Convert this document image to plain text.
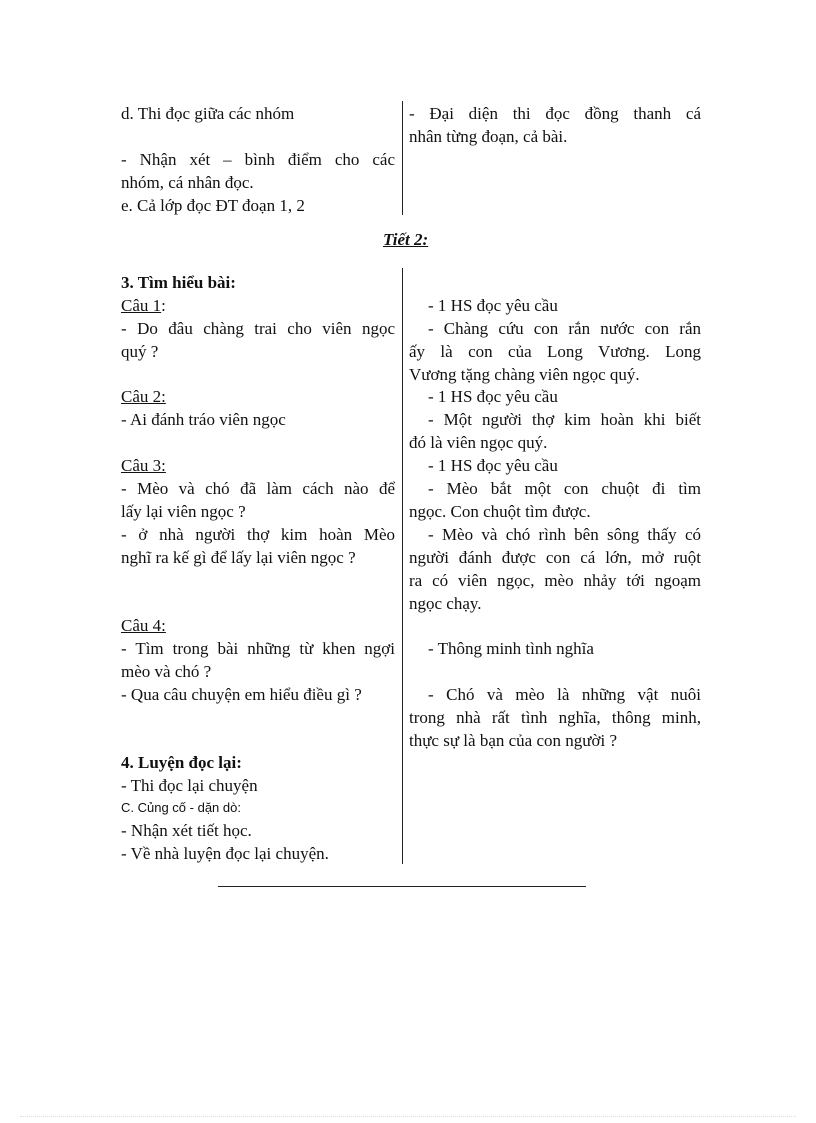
d. Thi đọc giữa các nhóm
- Nhận xét – bình điểm cho các
nhóm, cá nhân đọc.
e. Cả lớp đọc ĐT đoạn 1, 2
- Đại diện thi đọc đồng thanh cá
nhân từng đoạn, cả bài.
Tiết 2:
3. Tìm hiểu bài:
Câu 1:
- Do đâu chàng trai cho viên ngọc
quý ?
Câu 2:
- Ai đánh tráo viên ngọc
Câu 3:
- Mèo và chó đã làm cách nào để
lấy lại viên ngọc ?
- ở nhà người thợ kim hoàn Mèo
nghĩ ra kế gì để lấy lại viên ngọc ?
Câu 4:
- Tìm trong bài những từ khen ngợi
mèo và chó ?
- Qua câu chuyện em hiểu điều gì ?
4. Luyện đọc lại:
- Thi đọc lại chuyện
C. Củng cố - dặn dò:
- Nhận xét tiết học.
- Về nhà luyện đọc lại chuyện.
- 1 HS đọc yêu cầu
- Chàng cứu con rắn nước con rắn
ấy là con của Long Vương. Long
Vương tặng chàng viên ngọc quý.
- 1 HS đọc yêu cầu
- Một người thợ kim hoàn khi biết
đó là viên ngọc quý.
- 1 HS đọc yêu cầu
- Mèo bắt một con chuột đi tìm
ngọc. Con chuột tìm được.
- Mèo và chó rình bên sông thấy có
người đánh được con cá lớn, mở ruột
ra có viên ngọc, mèo nhảy tới ngoạm
ngọc chạy.
- Thông minh tình nghĩa
- Chó và mèo là những vật nuôi
trong nhà rất tình nghĩa, thông minh,
thực sự là bạn của con người ?
